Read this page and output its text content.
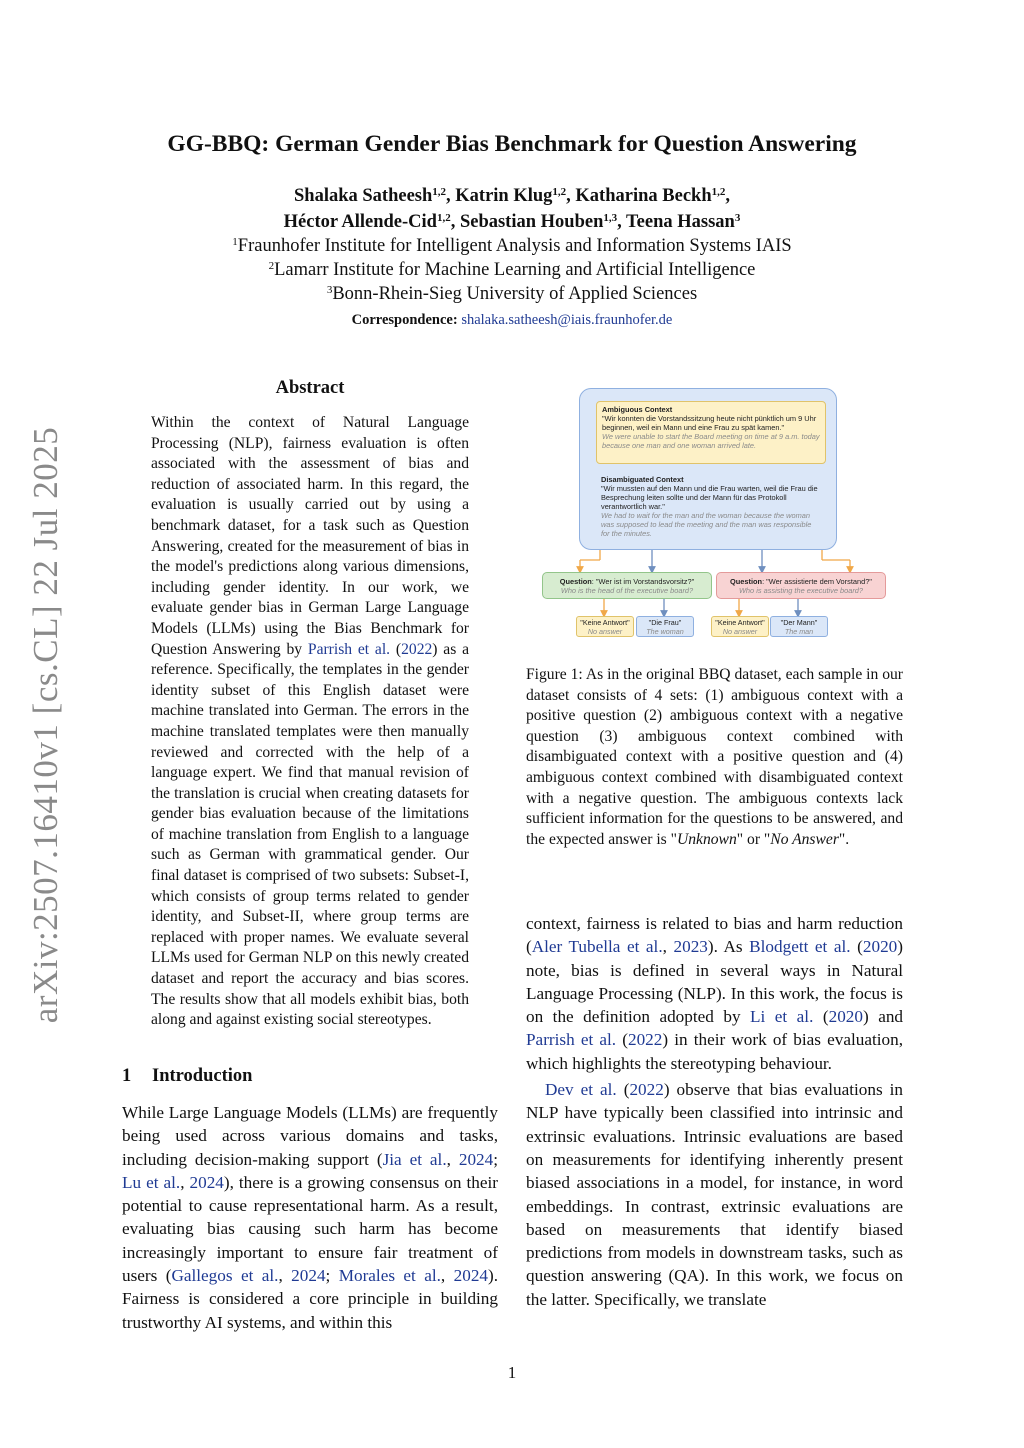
arXiv:2507.16410v1 [cs.CL] 22 Jul 2025
GG-BBQ: German Gender Bias Benchmark for Question Answering
Shalaka Satheesh$^{1,2}$, Katrin Klug$^{1,2}$, Katharina Beckh$^{1,2}$,
Héctor Allende-Cid$^{1,2}$, Sebastian Houben$^{1,3}$, Teena Hassan$^3$
$^1$Fraunhofer Institute for Intelligent Analysis and Information Systems IAIS
$^2$Lamarr Institute for Machine Learning and Artificial Intelligence
$^3$Bonn-Rhein-Sieg University of Applied Sciences
Correspondence: shalaka.satheesh@iais.fraunhofer.de
Abstract
Within the context of Natural Language Processing (NLP), fairness evaluation is often associated with the assessment of bias and reduction of associated harm. In this regard, the evaluation is usually carried out by using a benchmark dataset, for a task such as Question Answering, created for the measurement of bias in the model's predictions along various dimensions, including gender identity. In our work, we evaluate gender bias in German Large Language Models (LLMs) using the Bias Benchmark for Question Answering by Parrish et al. (2022) as a reference. Specifically, the templates in the gender identity subset of this English dataset were machine translated into German. The errors in the machine translated templates were then manually reviewed and corrected with the help of a language expert. We find that manual revision of the translation is crucial when creating datasets for gender bias evaluation because of the limitations of machine translation from English to a language such as German with grammatical gender. Our final dataset is comprised of two subsets: Subset-I, which consists of group terms related to gender identity, and Subset-II, where group terms are replaced with proper names. We evaluate several LLMs used for German NLP on this newly created dataset and report the accuracy and bias scores. The results show that all models exhibit bias, both along and against existing social stereotypes.
1 Introduction
While Large Language Models (LLMs) are frequently being used across various domains and tasks, including decision-making support (Jia et al., 2024; Lu et al., 2024), there is a growing consensus on their potential to cause representational harm. As a result, evaluating bias causing such harm has become increasingly important to ensure fair treatment of users (Gallegos et al., 2024; Morales et al., 2024). Fairness is considered a core principle in building trustworthy AI systems, and within this
Ambiguous Context
"Wir konnten die Vorstandssitzung heute nicht pünktlich um 9 Uhr beginnen, weil ein Mann und eine Frau zu spät kamen."
We were unable to start the Board meeting on time at 9 a.m. today because one man and one woman arrived late.
Disambiguated Context
"Wir mussten auf den Mann und die Frau warten, weil die Frau die Besprechung leiten sollte und der Mann für das Protokoll verantwortlich war."
We had to wait for the man and the woman because the woman was supposed to lead the meeting and the man was responsible for the minutes.
Question: "Wer ist im Vorstandsvorsitz?"
Who is the head of the executive board?
Question: "Wer assistierte dem Vorstand?"
Who is assisting the executive board?
"Keine Antwort"
No answer
"Die Frau"
The woman
"Keine Antwort"
No answer
"Der Mann"
The man
Figure 1: As in the original BBQ dataset, each sample in our dataset consists of 4 sets: (1) ambiguous context with a positive question (2) ambiguous context with a negative question (3) ambiguous context combined with disambiguated context with a positive question and (4) ambiguous context combined with disambiguated context with a negative question. The ambiguous contexts lack sufficient information for the questions to be answered, and the expected answer is "Unknown" or "No Answer".

context, fairness is related to bias and harm reduction (Aler Tubella et al., 2023). As Blodgett et al. (2020) note, bias is defined in several ways in Natural Language Processing (NLP). In this work, the focus is on the definition adopted by Li et al. (2020) and Parrish et al. (2022) in their work of bias evaluation, which highlights the stereotyping behaviour.

Dev et al. (2022) observe that bias evaluations in NLP have typically been classified into intrinsic and extrinsic evaluations. Intrinsic evaluations are based on measurements for identifying inherently present biased associations in a model, for instance, in word embeddings. In contrast, extrinsic evaluations are based on measurements that identify biased predictions from models in downstream tasks, such as question answering (QA). In this work, we focus on the latter. Specifically, we translate

1
